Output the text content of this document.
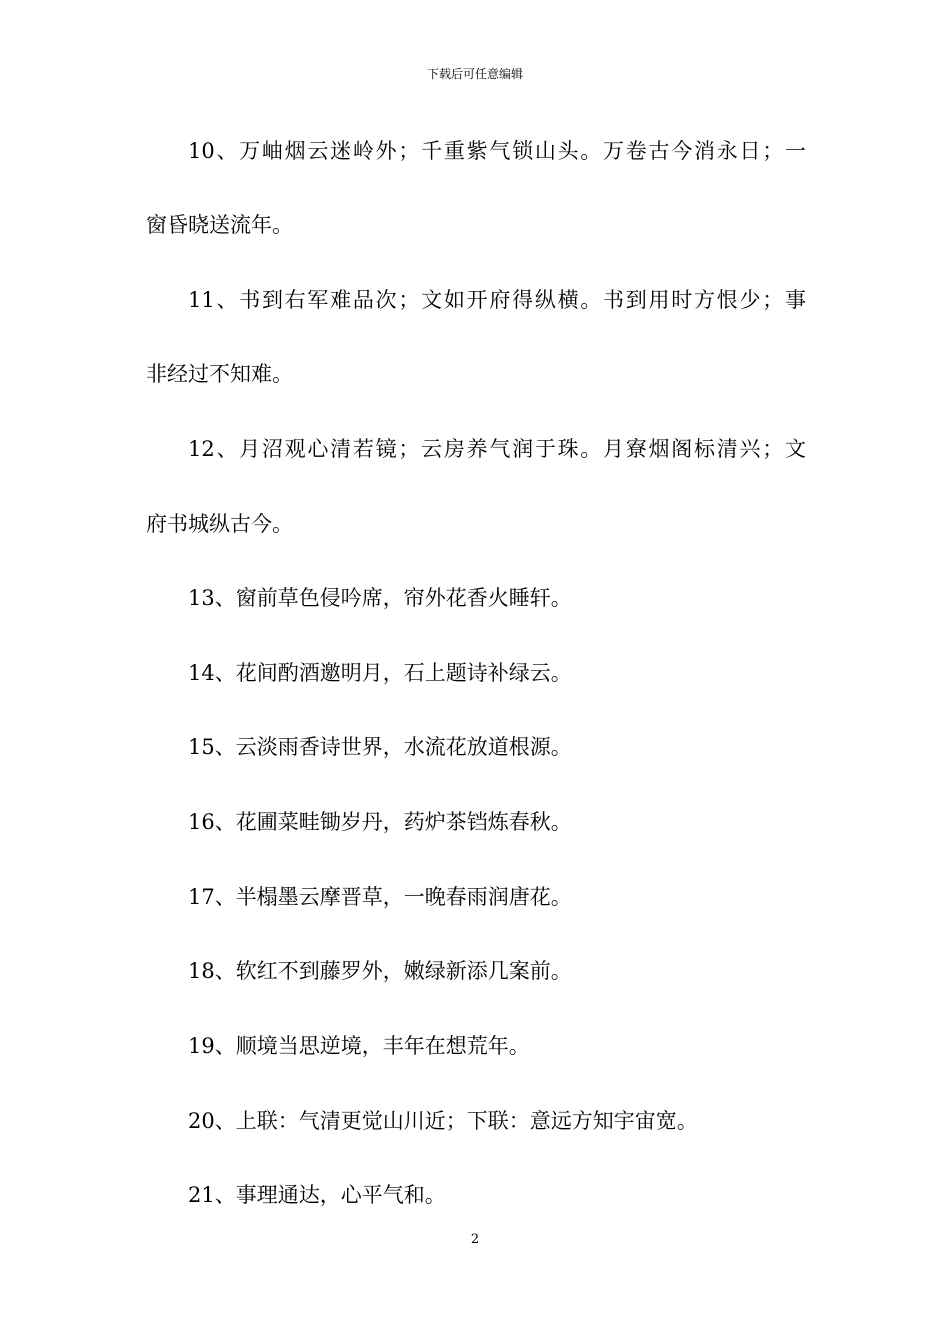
下载后可任意编辑
10、万岫烟云迷岭外；千重紫气锁山头。万卷古今消永日；一
窗昏晓送流年。
11、书到右军难品次；文如开府得纵横。书到用时方恨少；事
非经过不知难。
12、月沼观心清若镜；云房养气润于珠。月寮烟阁标清兴；文
府书城纵古今。
13、窗前草色侵吟席，帘外花香火睡轩。
14、花间酌酒邀明月，石上题诗补绿云。
15、云淡雨香诗世界，水流花放道根源。
16、花圃菜畦锄岁丹，药炉茶铛炼春秋。
17、半榻墨云摩晋草，一晚春雨润唐花。
18、软红不到藤罗外，嫩绿新添几案前。
19、顺境当思逆境，丰年在想荒年。
20、上联：气清更觉山川近；下联：意远方知宇宙宽。
21、事理通达，心平气和。
2
